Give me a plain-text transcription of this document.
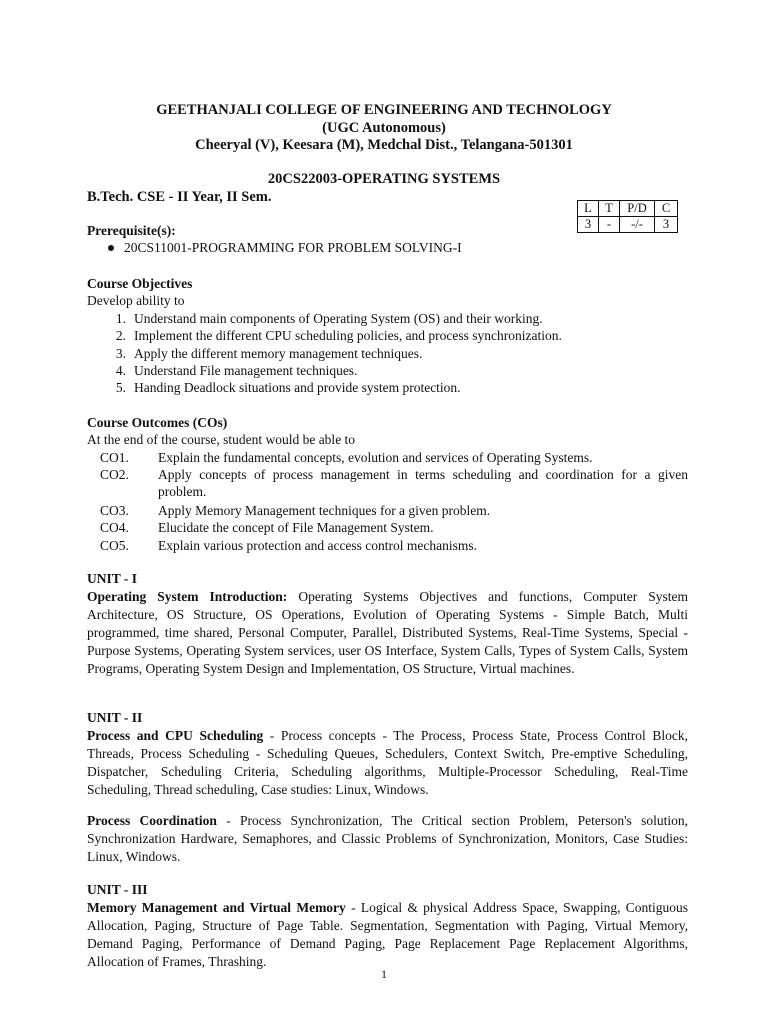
GEETHANJALI COLLEGE OF ENGINEERING AND TECHNOLOGY
(UGC Autonomous)
Cheeryal (V), Keesara (M), Medchal Dist., Telangana-501301
20CS22003-OPERATING SYSTEMS
B.Tech. CSE - II Year, II Sem.
L	T	P/D	C
3	-	-/-	3
Prerequisite(s):
20CS11001-PROGRAMMING FOR PROBLEM SOLVING-I
Course Objectives
Develop ability to
1. Understand main components of Operating System (OS) and their working.
2. Implement the different CPU scheduling policies, and process synchronization.
3. Apply the different memory management techniques.
4. Understand File management techniques.
5. Handing Deadlock situations and provide system protection.
Course Outcomes (COs)
At the end of the course, student would be able to
CO1. Explain the fundamental concepts, evolution and services of Operating Systems.
CO2. Apply concepts of process management in terms scheduling and coordination for a given problem.
CO3. Apply Memory Management techniques for a given problem.
CO4. Elucidate the concept of File Management System.
CO5. Explain various protection and access control mechanisms.
UNIT - I
Operating System Introduction: Operating Systems Objectives and functions, Computer System Architecture, OS Structure, OS Operations, Evolution of Operating Systems - Simple Batch, Multi programmed, time shared, Personal Computer, Parallel, Distributed Systems, Real-Time Systems, Special - Purpose Systems, Operating System services, user OS Interface, System Calls, Types of System Calls, System Programs, Operating System Design and Implementation, OS Structure, Virtual machines.
UNIT - II
Process and CPU Scheduling - Process concepts - The Process, Process State, Process Control Block, Threads, Process Scheduling - Scheduling Queues, Schedulers, Context Switch, Pre-emptive Scheduling, Dispatcher, Scheduling Criteria, Scheduling algorithms, Multiple-Processor Scheduling, Real-Time Scheduling, Thread scheduling, Case studies: Linux, Windows.
Process Coordination - Process Synchronization, The Critical section Problem, Peterson's solution, Synchronization Hardware, Semaphores, and Classic Problems of Synchronization, Monitors, Case Studies: Linux, Windows.
UNIT - III
Memory Management and Virtual Memory - Logical & physical Address Space, Swapping, Contiguous Allocation, Paging, Structure of Page Table. Segmentation, Segmentation with Paging, Virtual Memory, Demand Paging, Performance of Demand Paging, Page Replacement Page Replacement Algorithms, Allocation of Frames, Thrashing.
1
